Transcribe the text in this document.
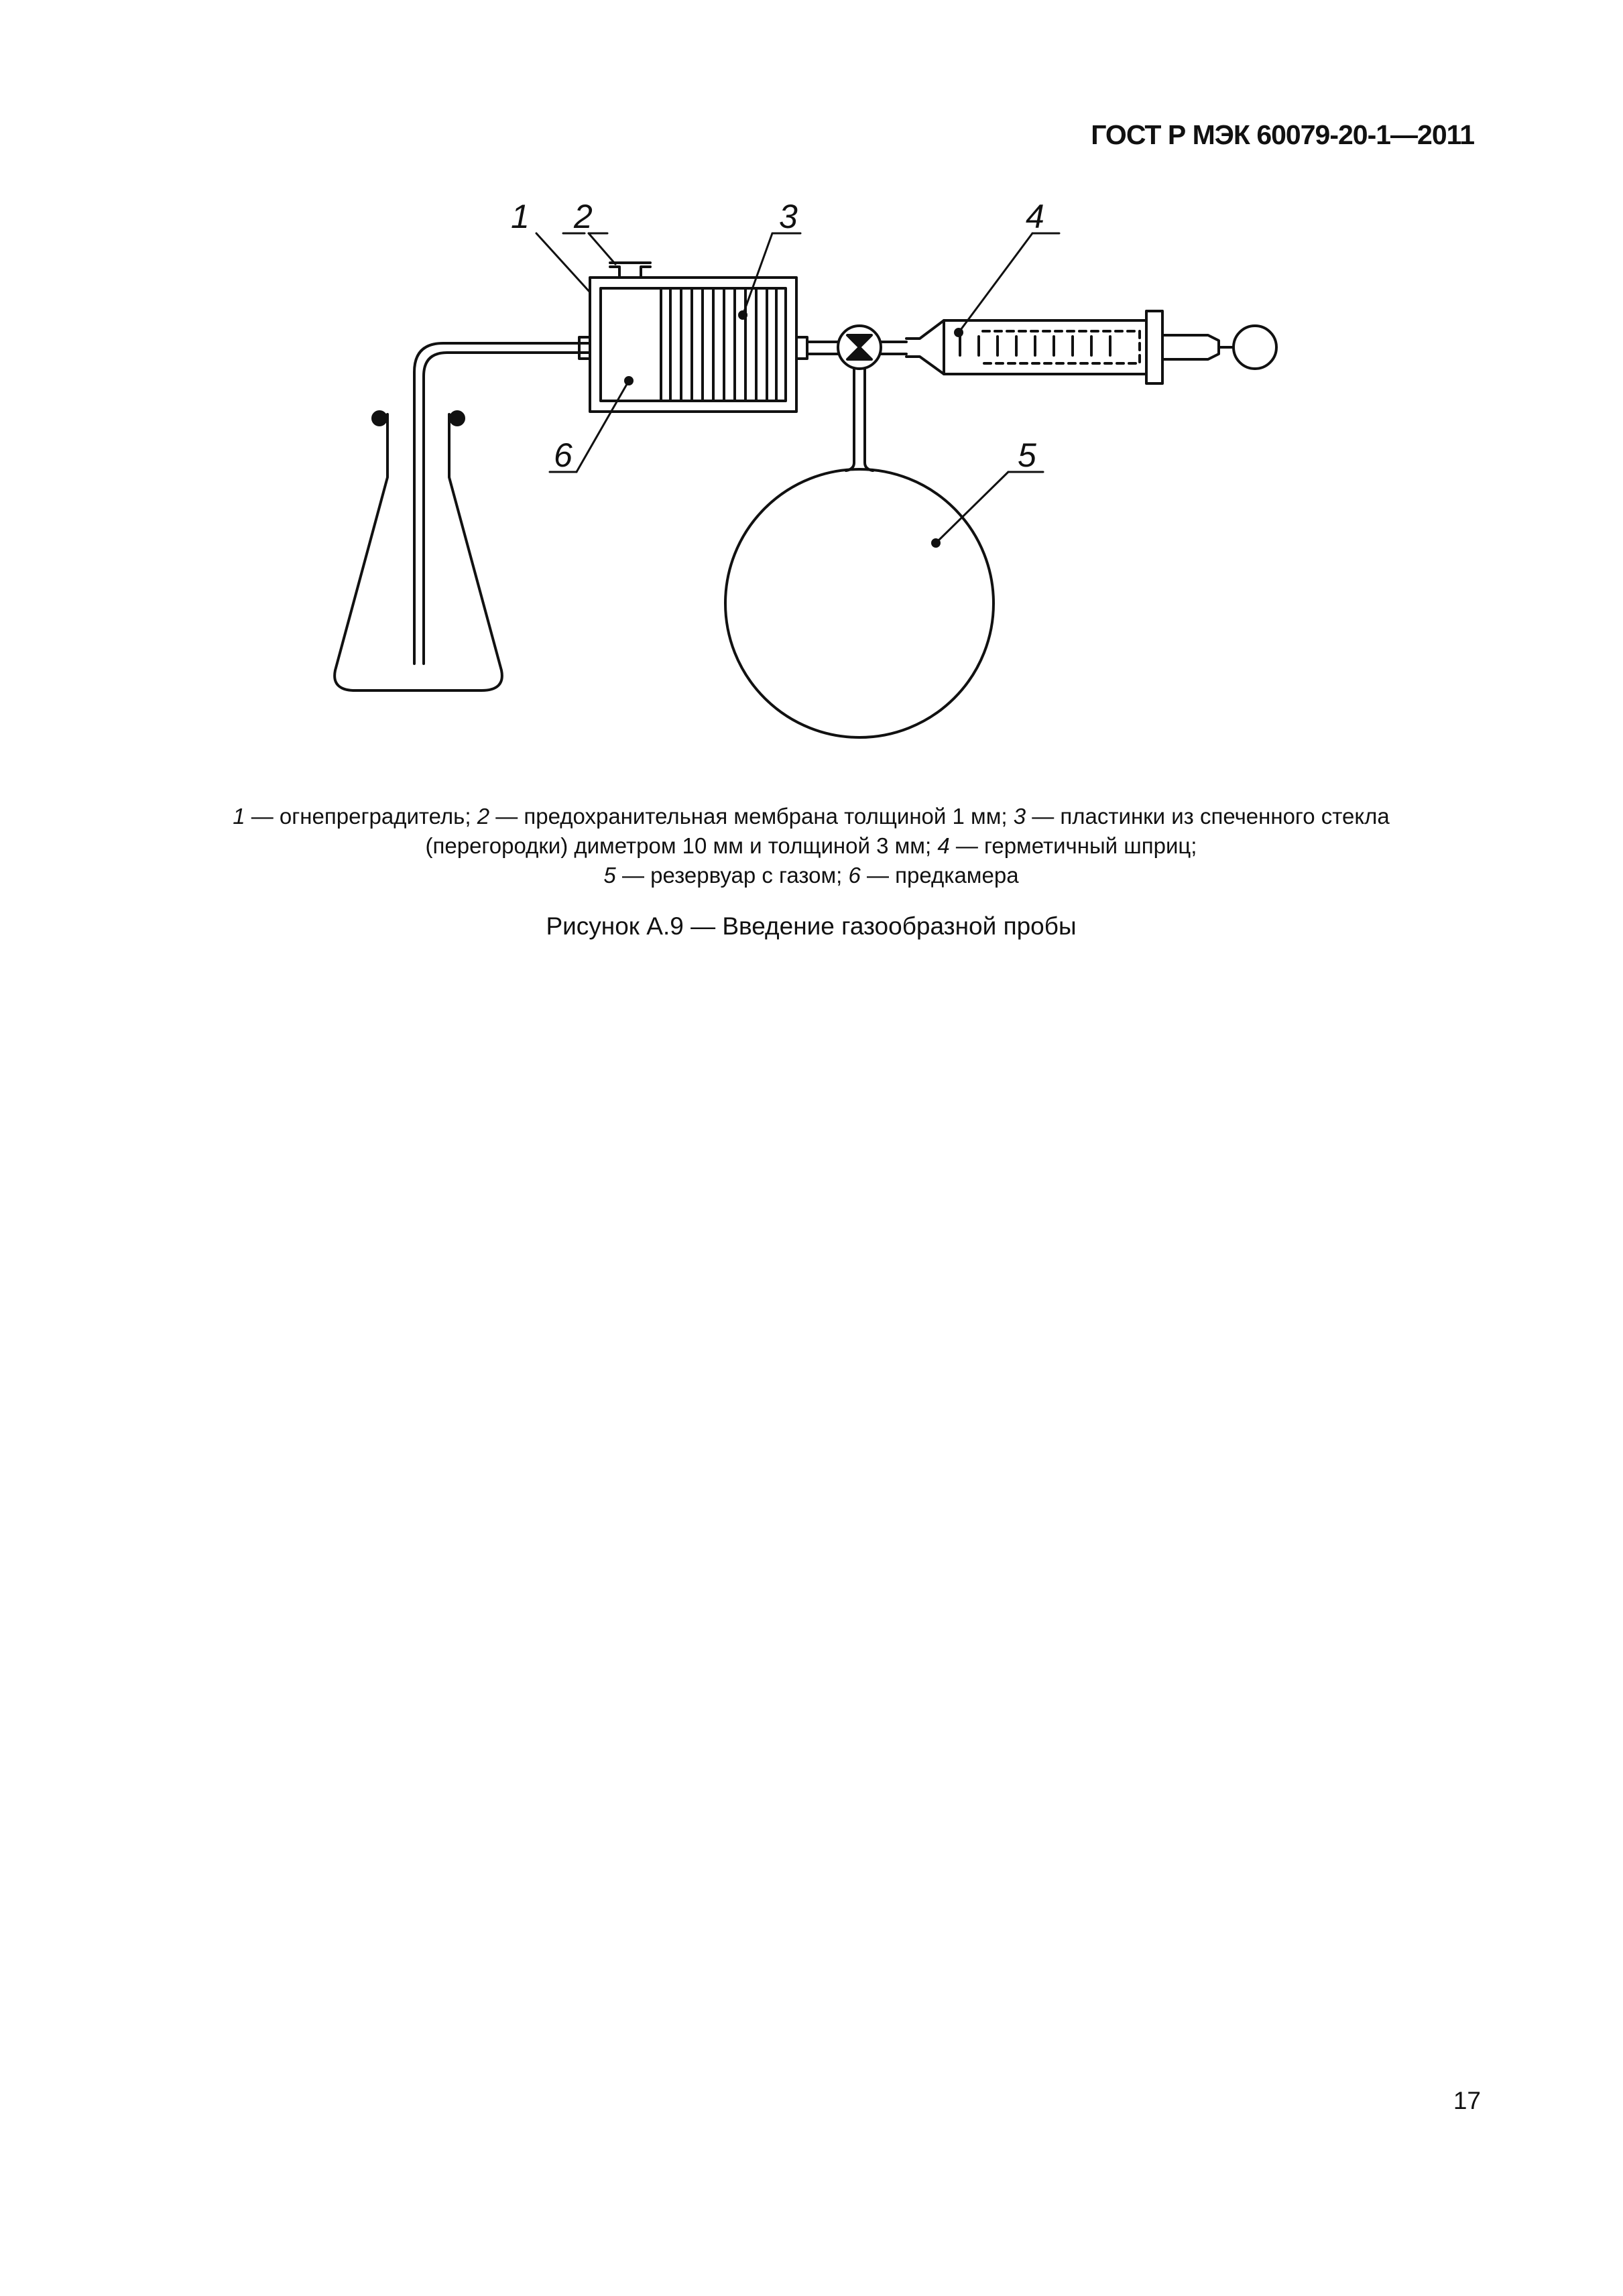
ГОСТ Р МЭК 60079-20-1—2011
1 2	3	4
5
6
1 — огнепреградитель; 2 — предохранительная мембрана толщиной 1 мм; 3 — пластинки из спеченного стекла (перегородки) диметром 10 мм и толщиной 3 мм; 4 — герметичный шприц;
5 — резервуар с газом; 6 — предкамера
Рисунок А.9 — Введение газообразной пробы
17
